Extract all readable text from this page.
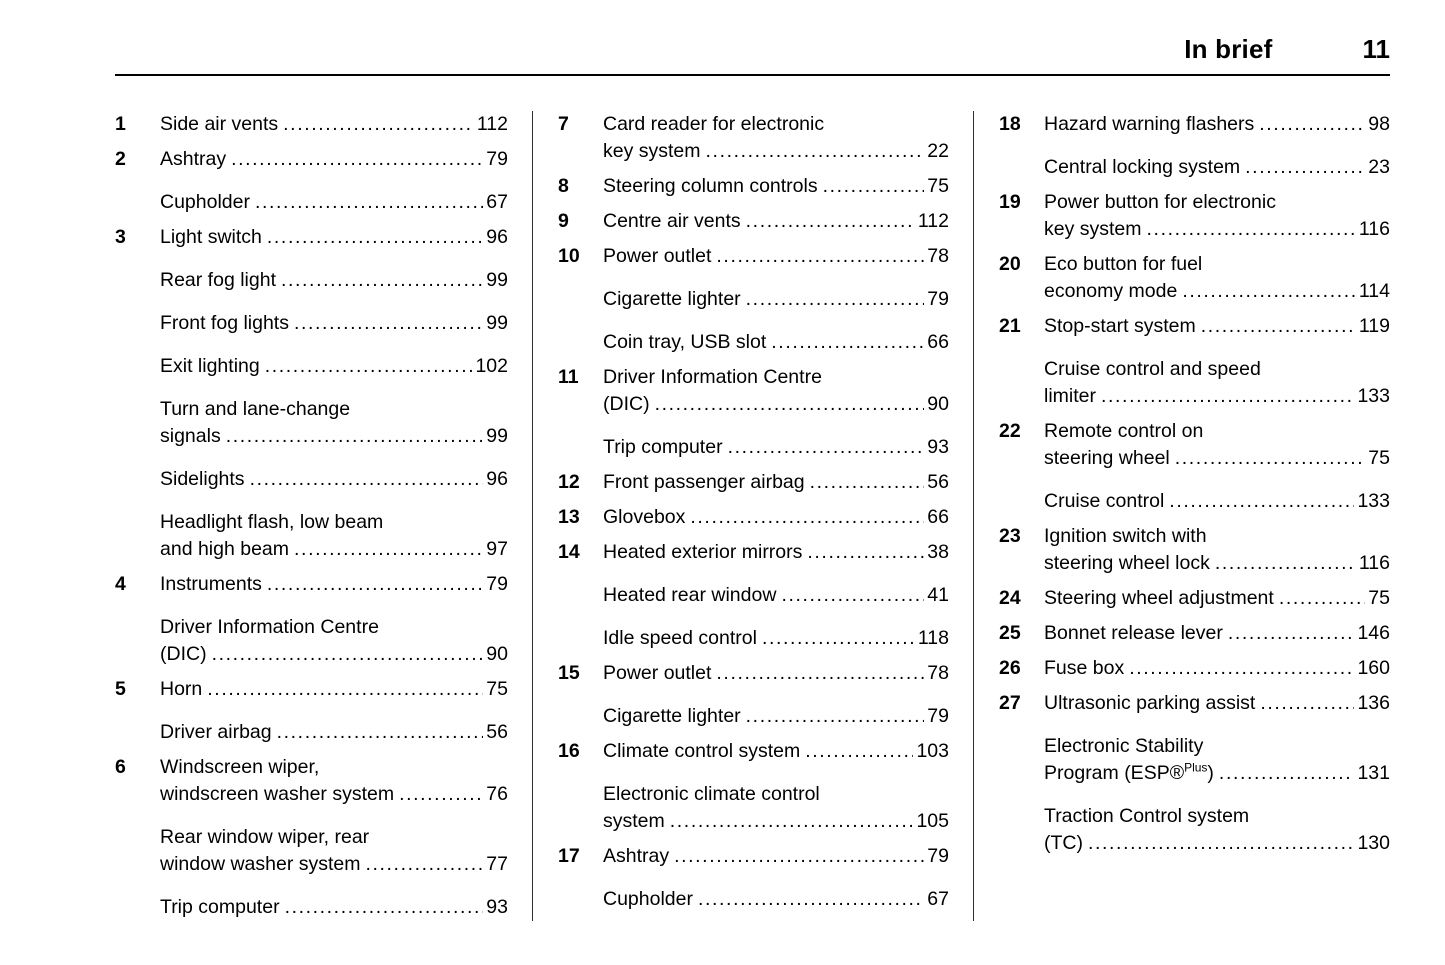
In brief	11
1	Side air vents .....	112
2	Ashtray .....	79
Cupholder .....	67
3	Light switch .....	96
Rear fog light .....	99
Front fog lights .....	99
Exit lighting .....	102
Turn and lane-change
signals .....	99
Sidelights .....	96
Headlight flash, low beam
and high beam .....	97
4	Instruments .....	79
Driver Information Centre
(DIC) .....	90
5	Horn .....	75
Driver airbag .....	56
6	Windscreen wiper,
windscreen washer system .....	76
Rear window wiper, rear
window washer system .....	77
Trip computer .....	93
7	Card reader for electronic
key system .....	22
8	Steering column controls .....	75
9	Centre air vents .....	112
10	Power outlet .....	78
Cigarette lighter .....	79
Coin tray, USB slot .....	66
11	Driver Information Centre
(DIC) .....	90
Trip computer .....	93
12	Front passenger airbag .....	56
13	Glovebox .....	66
14	Heated exterior mirrors .....	38
Heated rear window .....	41
Idle speed control .....	118
15	Power outlet .....	78
Cigarette lighter .....	79
16	Climate control system .....	103
Electronic climate control
system .....	105
17	Ashtray .....	79
Cupholder .....	67
18	Hazard warning flashers .....	98
Central locking system .....	23
19	Power button for electronic
key system .....	116
20	Eco button for fuel
economy mode .....	114
21	Stop-start system .....	119
Cruise control and speed
limiter .....	133
22	Remote control on
steering wheel .....	75
Cruise control .....	133
23	Ignition switch with
steering wheel lock .....	116
24	Steering wheel adjustment .....	75
25	Bonnet release lever .....	146
26	Fuse box .....	160
27	Ultrasonic parking assist .....	136
Electronic Stability
Program (ESP®$^{Plus}$) .....	131
Traction Control system
(TC) .....	130
